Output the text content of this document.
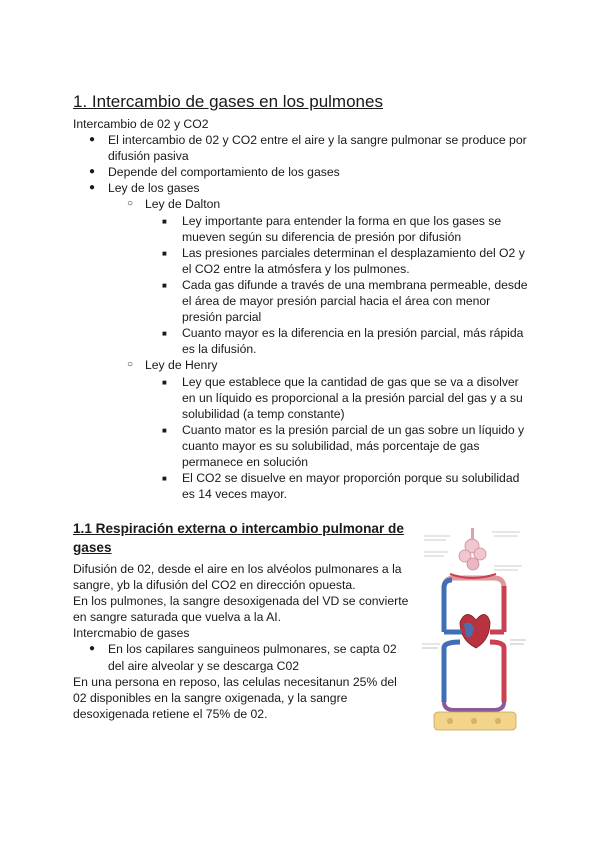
1. Intercambio de gases en los pulmones

Intercambio de 02 y CO2

● El intercambio de 02 y CO2 entre el aire y la sangre pulmonar se produce por difusión pasiva
● Depende del comportamiento de los gases
● Ley de los gases
○ Ley de Dalton
■ Ley importante para entender la forma en que los gases se mueven según su diferencia de presión por difusión
■ Las presiones parciales determinan el desplazamiento del O2 y el CO2 entre la atmósfera y los pulmones.
■ Cada gas difunde a través de una membrana permeable, desde el área de mayor presión parcial hacia el área con menor presión parcial
■ Cuanto mayor es la diferencia en la presión parcial, más rápida es la difusión.
○ Ley de Henry
■ Ley que establece que la cantidad de gas que se va a disolver en un líquido es proporcional a la presión parcial del gas y a su solubilidad (a temp constante)
■ Cuanto mator es la presión parcial de un gas sobre un líquido y cuanto mayor es su solubilidad, más porcentaje de gas permanece en solución
■ El CO2 se disuelve en mayor proporción porque su solubilidad es 14 veces mayor.
1.1 Respiración externa o intercambio pulmonar de gases

Difusión de 02, desde el aire en los alvéolos pulmonares a la sangre, yb la difusión del CO2 en dirección opuesta.

En los pulmones, la sangre desoxigenada del VD se convierte en sangre saturada que vuelva a la AI.

Intercmabio de gases

● En los capilares sanguineos pulmonares, se capta 02 del aire alveolar y se descarga C02

En una persona en reposo, las celulas necesitanun 25% del 02 disponibles en la sangre oxigenada, y la sangre desoxigenada retiene el 75% de 02.
